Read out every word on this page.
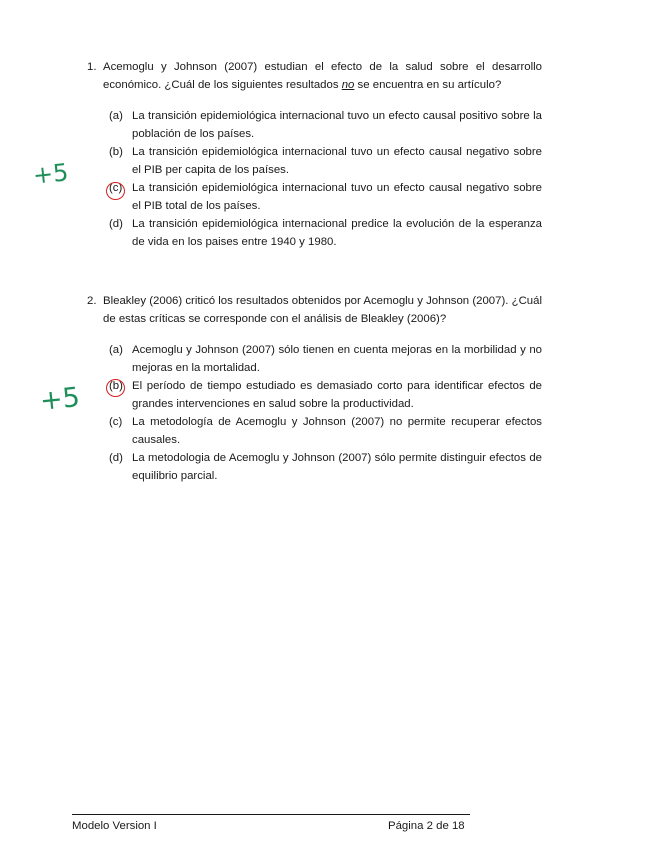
1. Acemoglu y Johnson (2007) estudian el efecto de la salud sobre el desarrollo económico. ¿Cuál de los siguientes resultados no se encuentra en su artículo?
(a) La transición epidemiológica internacional tuvo un efecto causal positivo sobre la población de los países.
(b) La transición epidemiológica internacional tuvo un efecto causal negativo sobre el PIB per capita de los países.
(c) La transición epidemiológica internacional tuvo un efecto causal negativo sobre el PIB total de los países.
(d) La transición epidemiológica internacional predice la evolución de la esperanza de vida en los paises entre 1940 y 1980.
2. Bleakley (2006) criticó los resultados obtenidos por Acemoglu y Johnson (2007). ¿Cuál de estas críticas se corresponde con el análisis de Bleakley (2006)?
(a) Acemoglu y Johnson (2007) sólo tienen en cuenta mejoras en la morbilidad y no mejoras en la mortalidad.
(b) El período de tiempo estudiado es demasiado corto para identificar efectos de grandes intervenciones en salud sobre la productividad.
(c) La metodología de Acemoglu y Johnson (2007) no permite recuperar efectos causales.
(d) La metodologia de Acemoglu y Johnson (2007) sólo permite distinguir efectos de equilibrio parcial.
+5
+5
Modelo Version I	Página 2 de 18
